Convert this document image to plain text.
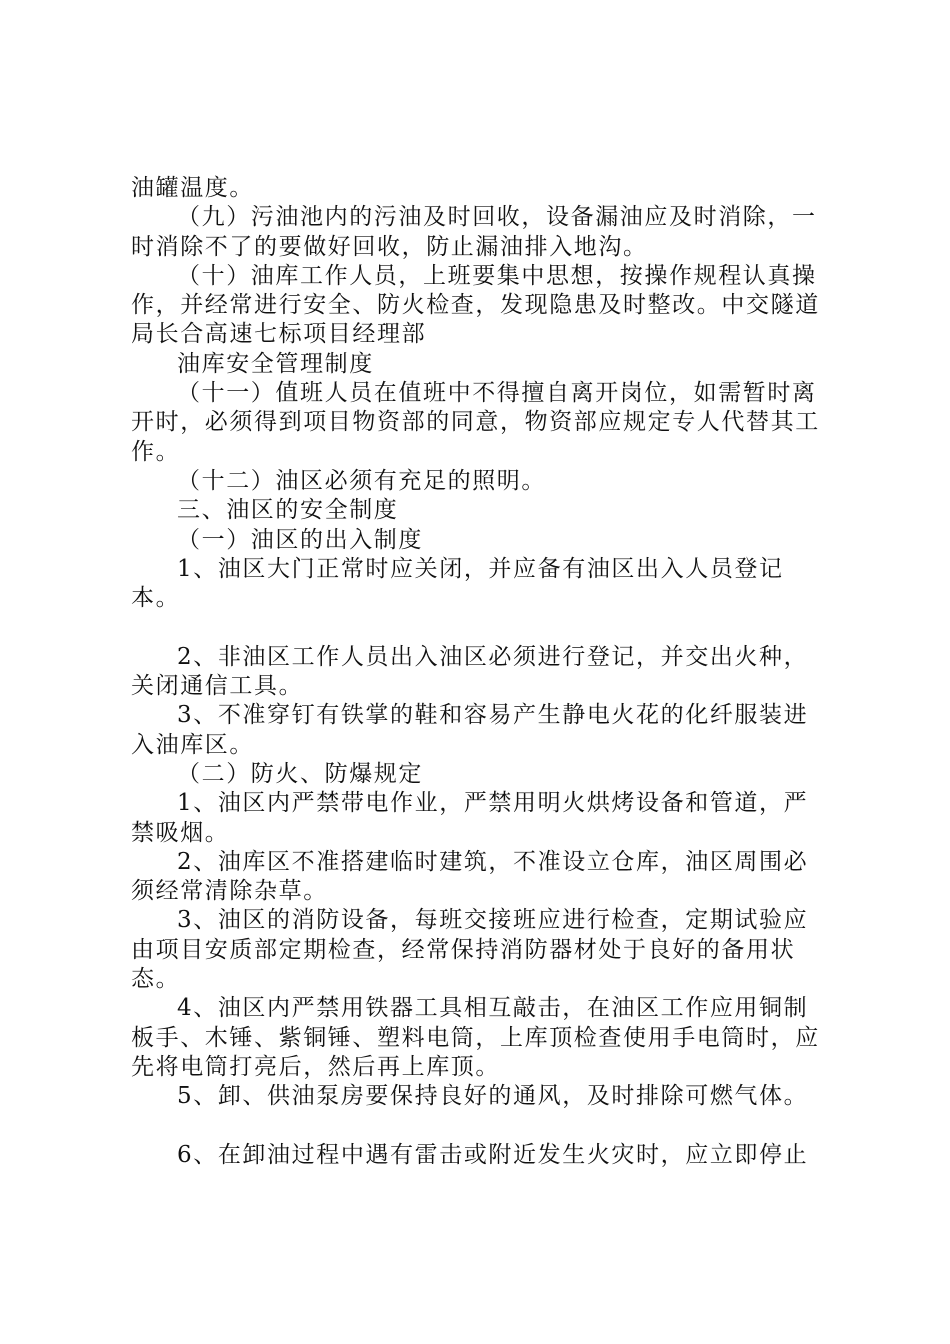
油罐温度。

（九）污油池内的污油及时回收，设备漏油应及时消除，一时消除不了的要做好回收，防止漏油排入地沟。

（十）油库工作人员，上班要集中思想，按操作规程认真操作，并经常进行安全、防火检查，发现隐患及时整改。中交隧道局长合高速七标项目经理部

油库安全管理制度

（十一）值班人员在值班中不得擅自离开岗位，如需暂时离开时，必须得到项目物资部的同意，物资部应规定专人代替其工作。

（十二）油区必须有充足的照明。

三、油区的安全制度

（一）油区的出入制度

1、油区大门正常时应关闭，并应备有油区出入人员登记本。

2、非油区工作人员出入油区必须进行登记，并交出火种，关闭通信工具。

3、不准穿钉有铁掌的鞋和容易产生静电火花的化纤服装进入油库区。

（二）防火、防爆规定

1、油区内严禁带电作业，严禁用明火烘烤设备和管道，严禁吸烟。

2、油库区不准搭建临时建筑，不准设立仓库，油区周围必须经常清除杂草。

3、油区的消防设备，每班交接班应进行检查，定期试验应由项目安质部定期检查，经常保持消防器材处于良好的备用状态。

4、油区内严禁用铁器工具相互敲击，在油区工作应用铜制板手、木锤、紫铜锤、塑料电筒，上库顶检查使用手电筒时，应先将电筒打亮后，然后再上库顶。

5、卸、供油泵房要保持良好的通风，及时排除可燃气体。

6、在卸油过程中遇有雷击或附近发生火灾时，应立即停止
